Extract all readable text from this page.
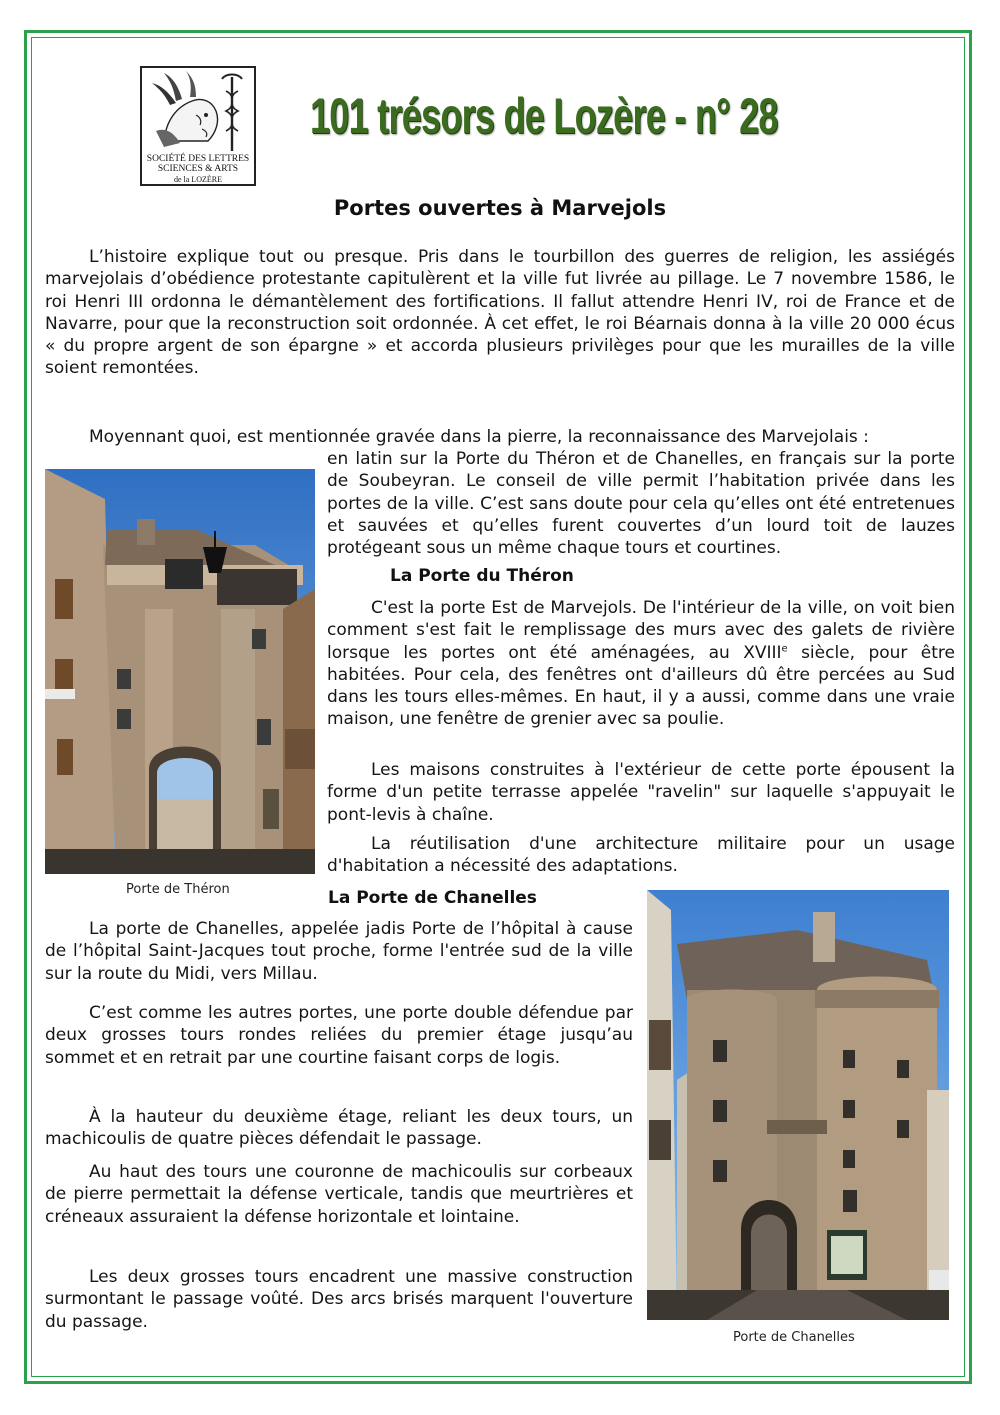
SOCIÉTÉ DES LETTRES SCIENCES & ARTS
de la LOZÈRE
101 trésors de Lozère - n° 28
Portes ouvertes à Marvejols

L’histoire explique tout ou presque. Pris dans le tourbillon des guerres de religion, les assiégés marvejolais d’obédience protestante capitulèrent et la ville fut livrée au pillage. Le 7 novembre 1586, le roi Henri III ordonna le démantèlement des fortifications. Il fallut attendre Henri IV, roi de France et de Navarre, pour que la reconstruction soit ordonnée. À cet effet, le roi Béarnais donna à la ville 20 000 écus « du propre argent de son épargne » et accorda plusieurs privilèges pour que les murailles de la ville soient remontées.

Moyennant quoi, est mentionnée gravée dans la pierre, la reconnaissance des Marvejolais :

en latin sur la Porte du Théron et de Chanelles, en français sur la porte de Soubeyran. Le conseil de ville permit l’habitation privée dans les portes de la ville. C’est sans doute pour cela qu’elles ont été entretenues et sauvées et qu’elles furent couvertes d’un lourd toit de lauzes protégeant sous un même chaque tours et courtines.

Porte de Théron
La Porte du Théron

C'est la porte Est de Marvejols. De l'intérieur de la ville, on voit bien comment s'est fait le remplissage des murs avec des galets de rivière lorsque les portes ont été aménagées, au XVIIIe siècle, pour être habitées. Pour cela, des fenêtres ont d'ailleurs dû être percées au Sud dans les tours elles-mêmes. En haut, il y a aussi, comme dans une vraie maison, une fenêtre de grenier avec sa poulie.

Les maisons construites à l'extérieur de cette porte épousent la forme d'un petite terrasse appelée "ravelin" sur laquelle s'appuyait le pont-levis à chaîne.

La réutilisation d'une architecture militaire pour un usage d'habitation a nécessité des adaptations.

La Porte de Chanelles

La porte de Chanelles, appelée jadis Porte de l’hôpital à cause de l’hôpital Saint-Jacques tout proche, forme l'entrée sud de la ville sur la route du Midi, vers Millau.

C’est comme les autres portes, une porte double défendue par deux grosses tours rondes reliées du premier étage jusqu’au sommet et en retrait par une courtine faisant corps de logis.

À la hauteur du deuxième étage, reliant les deux tours, un machicoulis de quatre pièces défendait le passage.

Au haut des tours une couronne de machicoulis sur corbeaux de pierre permettait la défense verticale, tandis que meurtrières et créneaux assuraient la défense horizontale et lointaine.

Les deux grosses tours encadrent une massive construction surmontant le passage voûté. Des arcs brisés marquent l'ouverture du passage.

Porte de Chanelles
